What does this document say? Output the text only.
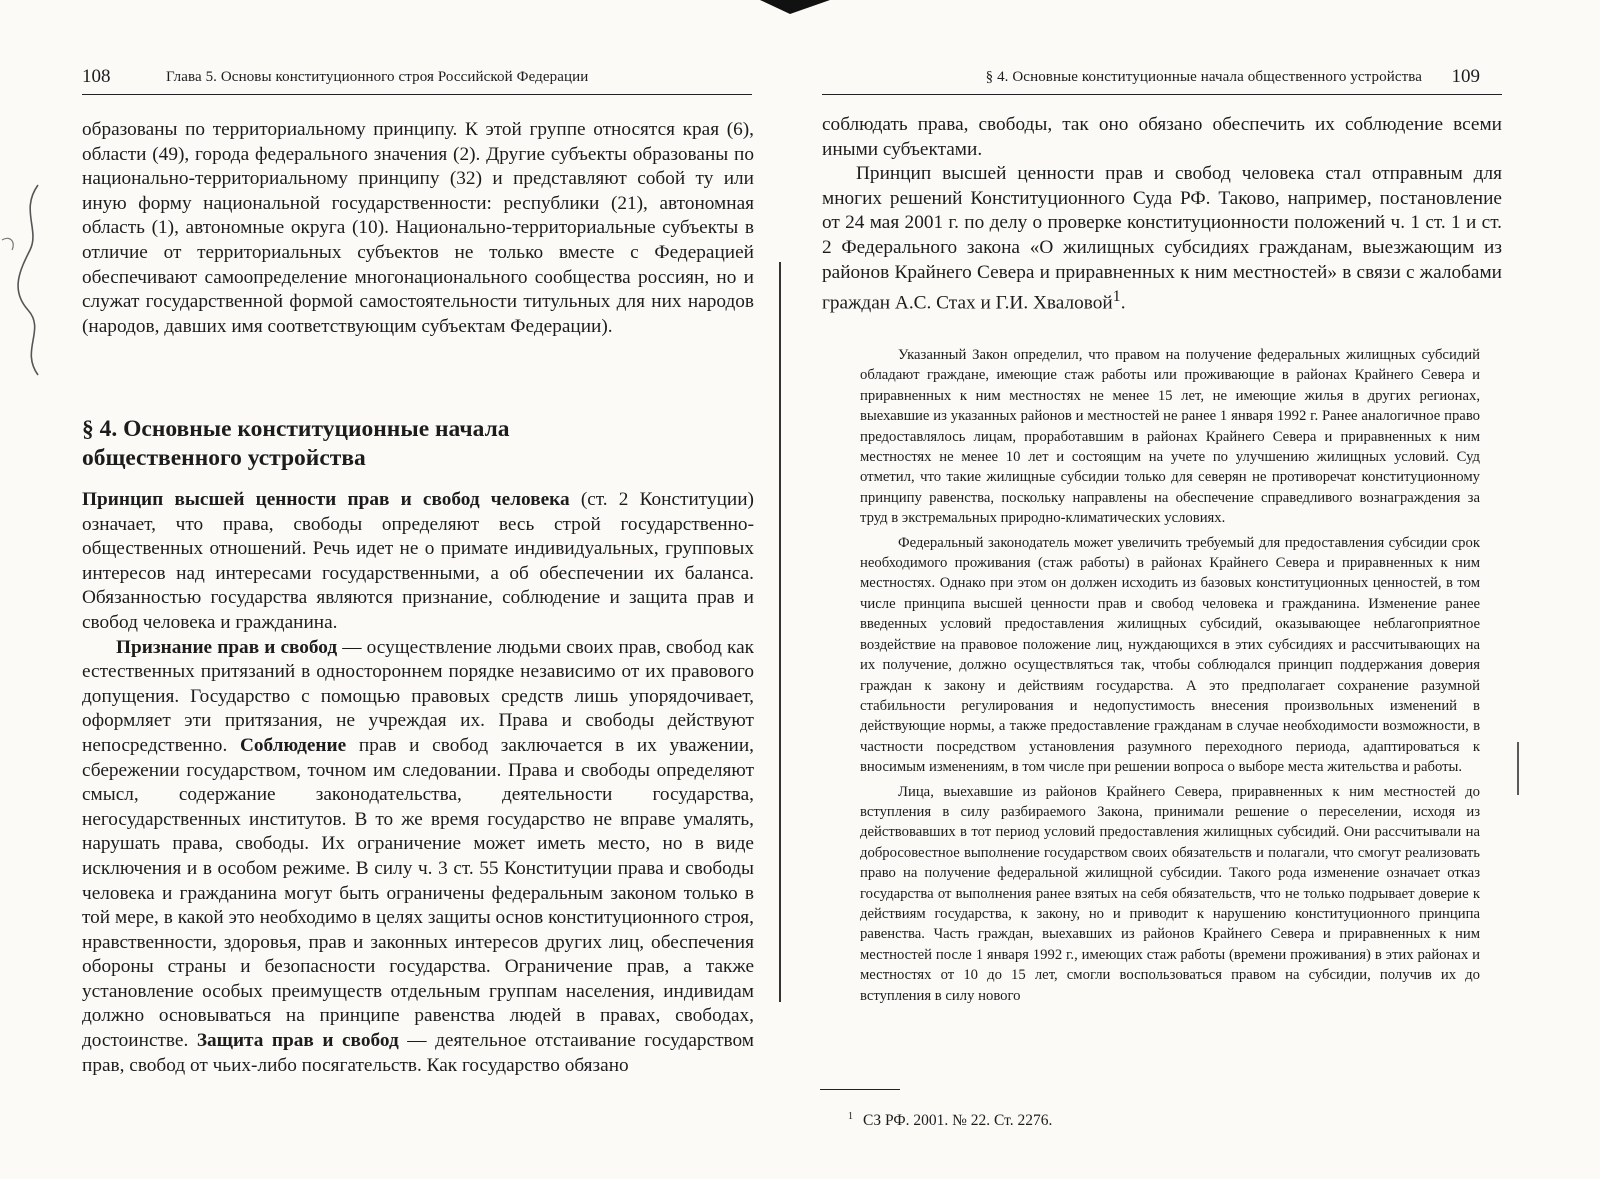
108	Глава 5. Основы конституционного строя Российской Федерации

образованы по территориальному принципу. К этой группе относятся края (6), области (49), города федерального значения (2). Другие субъекты образованы по национально-территориальному принципу (32) и представляют собой ту или иную форму национальной государственности: республики (21), автономная область (1), автономные округа (10). Национально-территориальные субъекты в отличие от территориальных субъектов не только вместе с Федерацией обеспечивают самоопределение многонационального сообщества россиян, но и служат государственной формой самостоятельности титульных для них народов (народов, давших имя соответствующим субъектам Федерации).

§ 4. Основные конституционные начала
общественного устройства

Принцип высшей ценности прав и свобод человека (ст. 2 Конституции) означает, что права, свободы определяют весь строй государственно-общественных отношений. Речь идет не о примате индивидуальных, групповых интересов над интересами государственными, а об обеспечении их баланса. Обязанностью государства являются признание, соблюдение и защита прав и свобод человека и гражданина.

Признание прав и свобод — осуществление людьми своих прав, свобод как естественных притязаний в одностороннем порядке независимо от их правового допущения. Государство с помощью правовых средств лишь упорядочивает, оформляет эти притязания, не учреждая их. Права и свободы действуют непосредственно. Соблюдение прав и свобод заключается в их уважении, сбережении государством, точном им следовании. Права и свободы определяют смысл, содержание законодательства, деятельности государства, негосударственных институтов. В то же время государство не вправе умалять, нарушать права, свободы. Их ограничение может иметь место, но в виде исключения и в особом режиме. В силу ч. 3 ст. 55 Конституции права и свободы человека и гражданина могут быть ограничены федеральным законом только в той мере, в какой это необходимо в целях защиты основ конституционного строя, нравственности, здоровья, прав и законных интересов других лиц, обеспечения обороны страны и безопасности государства. Ограничение прав, а также установление особых преимуществ отдельным группам населения, индивидам должно основываться на принципе равенства людей в правах, свободах, достоинстве. Защита прав и свобод — деятельное отстаивание государством прав, свобод от чьих-либо посягательств. Как государство обязано

§ 4. Основные конституционные начала общественного устройства 109

соблюдать права, свободы, так оно обязано обеспечить их соблюдение всеми иными субъектами.

Принцип высшей ценности прав и свобод человека стал отправным для многих решений Конституционного Суда РФ. Таково, например, постановление от 24 мая 2001 г. по делу о проверке конституционности положений ч. 1 ст. 1 и ст. 2 Федерального закона «О жилищных субсидиях гражданам, выезжающим из районов Крайнего Севера и приравненных к ним местностей» в связи с жалобами граждан А.С. Стах и Г.И. Хваловой$^1$.

Указанный Закон определил, что правом на получение федеральных жилищных субсидий обладают граждане, имеющие стаж работы или проживающие в районах Крайнего Севера и приравненных к ним местностях не менее 15 лет, не имеющие жилья в других регионах, выехавшие из указанных районов и местностей не ранее 1 января 1992 г. Ранее аналогичное право предоставлялось лицам, проработавшим в районах Крайнего Севера и приравненных к ним местностях не менее 10 лет и состоящим на учете по улучшению жилищных условий. Суд отметил, что такие жилищные субсидии только для северян не противоречат конституционному принципу равенства, поскольку направлены на обеспечение справедливого вознаграждения за труд в экстремальных природно-климатических условиях.

Федеральный законодатель может увеличить требуемый для предоставления субсидии срок необходимого проживания (стаж работы) в районах Крайнего Севера и приравненных к ним местностях. Однако при этом он должен исходить из базовых конституционных ценностей, в том числе принципа высшей ценности прав и свобод человека и гражданина. Изменение ранее введенных условий предоставления жилищных субсидий, оказывающее неблагоприятное воздействие на правовое положение лиц, нуждающихся в этих субсидиях и рассчитывающих на их получение, должно осуществляться так, чтобы соблюдался принцип поддержания доверия граждан к закону и действиям государства. А это предполагает сохранение разумной стабильности регулирования и недопустимость внесения произвольных изменений в действующие нормы, а также предоставление гражданам в случае необходимости возможности, в частности посредством установления разумного переходного периода, адаптироваться к вносимым изменениям, в том числе при решении вопроса о выборе места жительства и работы.

Лица, выехавшие из районов Крайнего Севера, приравненных к ним местностей до вступления в силу разбираемого Закона, принимали решение о переселении, исходя из действовавших в тот период условий предоставления жилищных субсидий. Они рассчитывали на добросовестное выполнение государством своих обязательств и полагали, что смогут реализовать право на получение федеральной жилищной субсидии. Такого рода изменение означает отказ государства от выполнения ранее взятых на себя обязательств, что не только подрывает доверие к действиям государства, к закону, но и приводит к нарушению конституционного принципа равенства. Часть граждан, выехавших из районов Крайнего Севера и приравненных к ним местностей после 1 января 1992 г., имеющих стаж работы (времени проживания) в этих районах и местностях от 10 до 15 лет, смогли воспользоваться правом на субсидии, получив их до вступления в силу нового

$^1$ СЗ РФ. 2001. № 22. Ст. 2276.
